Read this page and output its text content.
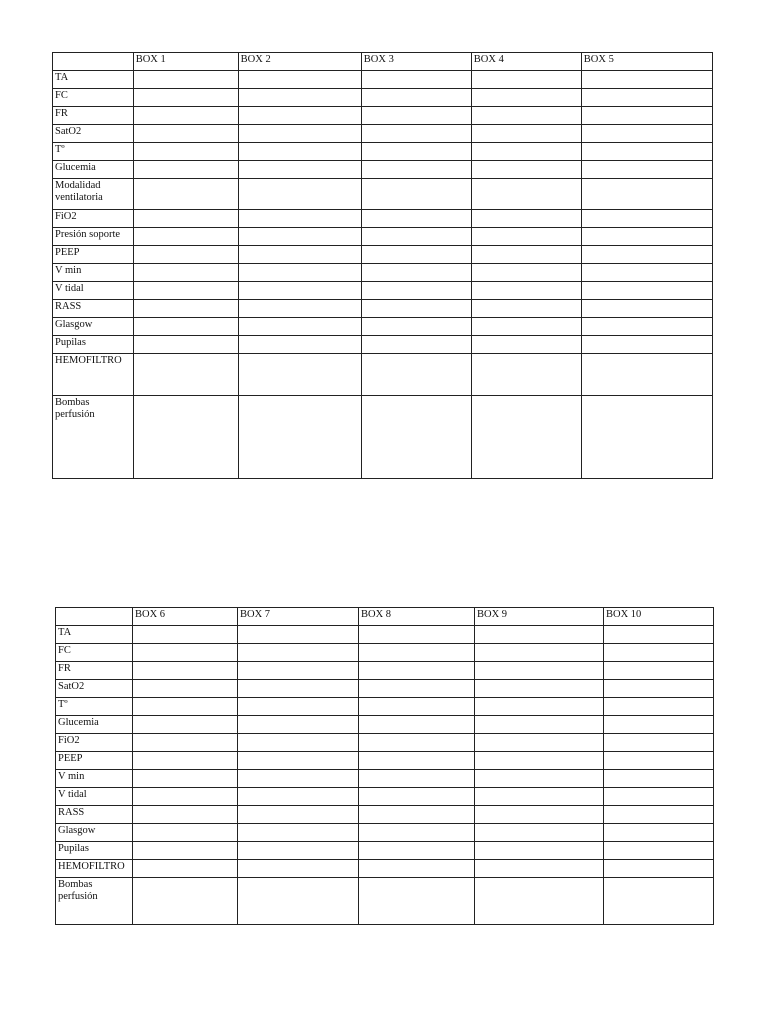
	BOX 1	BOX 2	BOX 3	BOX 4	BOX 5
TA					
FC					
FR					
SatO2					
Tº					
Glucemia					
Modalidad ventilatoria					
FiO2					
Presión soporte					
PEEP					
V min					
V tidal					
RASS					
Glasgow					
Pupilas					
HEMOFILTRO					
Bombas perfusión					
	BOX 6	BOX 7	BOX 8	BOX 9	BOX 10
TA					
FC					
FR					
SatO2					
Tº					
Glucemia					
FiO2					
PEEP					
V min					
V tidal					
RASS					
Glasgow					
Pupilas					
HEMOFILTRO					
Bombas perfusión					
